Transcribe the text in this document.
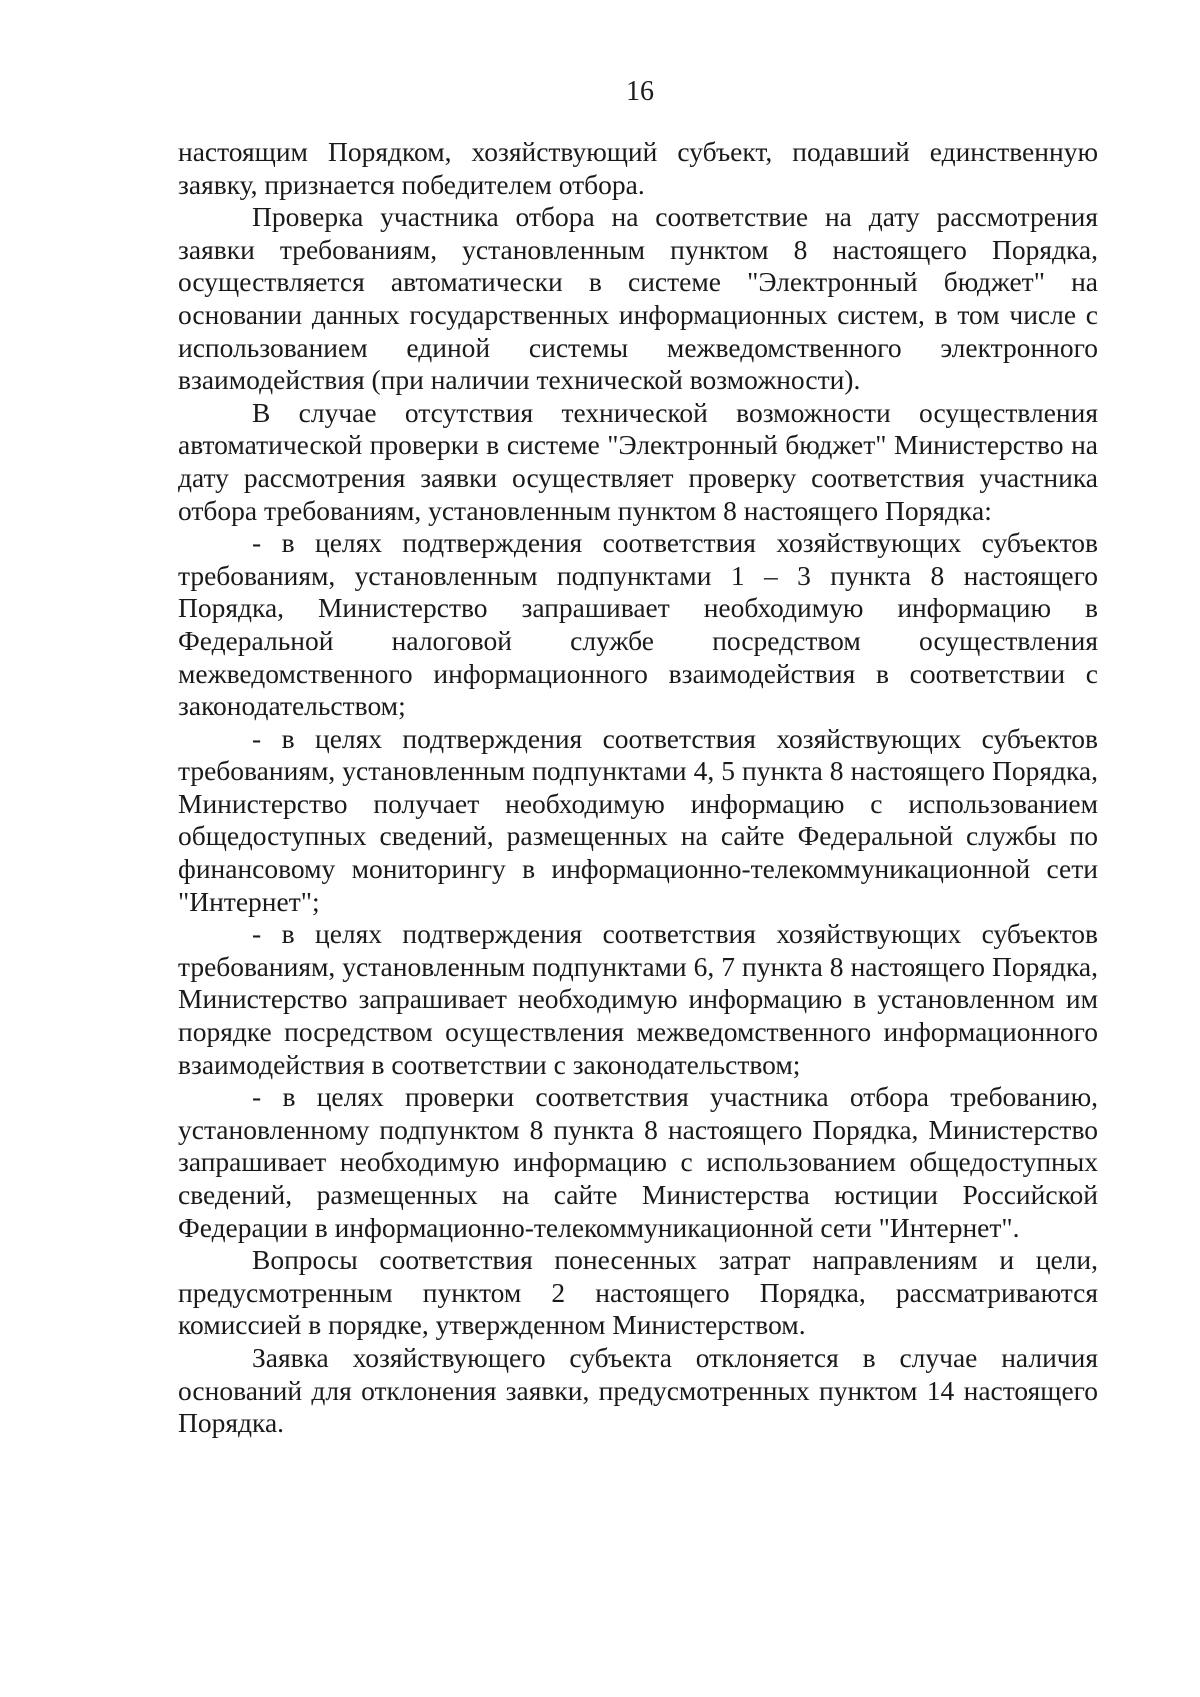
16

настоящим Порядком, хозяйствующий субъект, подавший единственную заявку, признается победителем отбора.

Проверка участника отбора на соответствие на дату рассмотрения заявки требованиям, установленным пунктом 8 настоящего Порядка, осуществляется автоматически в системе "Электронный бюджет" на основании данных государственных информационных систем, в том числе с использованием единой системы межведомственного электронного взаимодействия (при наличии технической возможности).

В случае отсутствия технической возможности осуществления автоматической проверки в системе "Электронный бюджет" Министерство на дату рассмотрения заявки осуществляет проверку соответствия участника отбора требованиям, установленным пунктом 8 настоящего Порядка:

- в целях подтверждения соответствия хозяйствующих субъектов требованиям, установленным подпунктами 1 – 3 пункта 8 настоящего Порядка, Министерство запрашивает необходимую информацию в Федеральной налоговой службе посредством осуществления межведомственного информационного взаимодействия в соответствии с законодательством;

- в целях подтверждения соответствия хозяйствующих субъектов требованиям, установленным подпунктами 4, 5 пункта 8 настоящего Порядка, Министерство получает необходимую информацию с использованием общедоступных сведений, размещенных на сайте Федеральной службы по финансовому мониторингу в информационно-телекоммуникационной сети "Интернет";

- в целях подтверждения соответствия хозяйствующих субъектов требованиям, установленным подпунктами 6, 7 пункта 8 настоящего Порядка, Министерство запрашивает необходимую информацию в установленном им порядке посредством осуществления межведомственного информационного взаимодействия в соответствии с законодательством;

- в целях проверки соответствия участника отбора требованию, установленному подпунктом 8 пункта 8 настоящего Порядка, Министерство запрашивает необходимую информацию с использованием общедоступных сведений, размещенных на сайте Министерства юстиции Российской Федерации в информационно-телекоммуникационной сети "Интернет".

Вопросы соответствия понесенных затрат направлениям и цели, предусмотренным пунктом 2 настоящего Порядка, рассматриваются комиссией в порядке, утвержденном Министерством.

Заявка хозяйствующего субъекта отклоняется в случае наличия оснований для отклонения заявки, предусмотренных пунктом 14 настоящего Порядка.
